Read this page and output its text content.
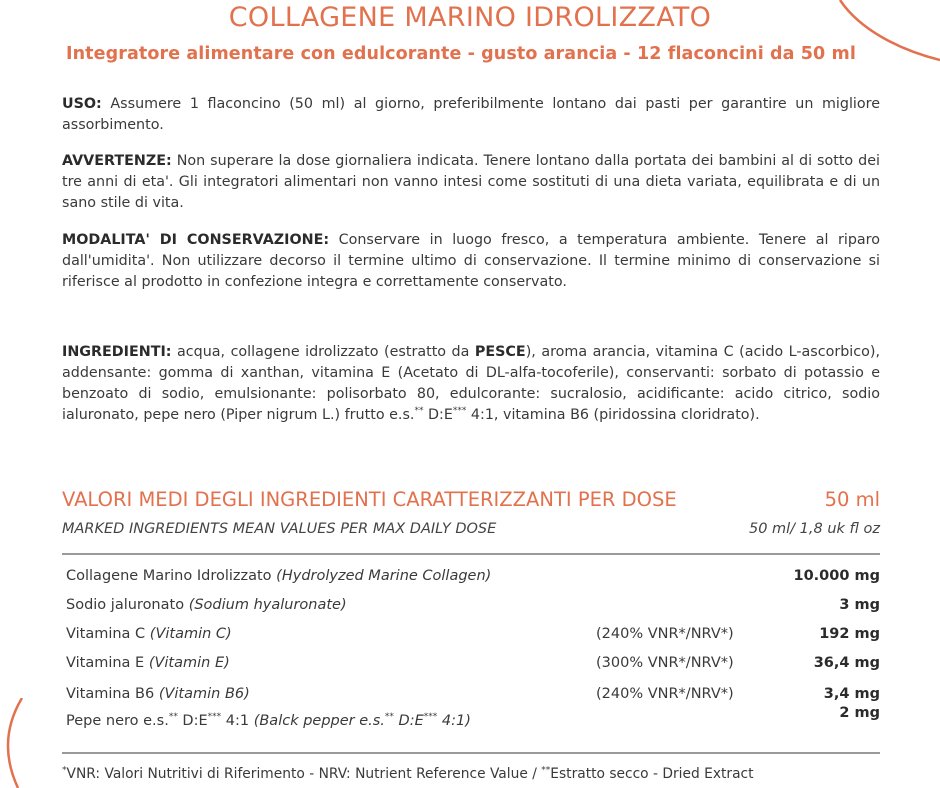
COLLAGENE MARINO IDROLIZZATO
Integratore alimentare con edulcorante - gusto arancia - 12 flaconcini da 50 ml
USO: Assumere 1 flaconcino (50 ml) al giorno, preferibilmente lontano dai pasti per garantire un migliore assorbimento.
AVVERTENZE: Non superare la dose giornaliera indicata. Tenere lontano dalla portata dei bambini al di sotto dei tre anni di eta'. Gli integratori alimentari non vanno intesi come sostituti di una dieta variata, equilibrata e di un sano stile di vita.
MODALITA' DI CONSERVAZIONE: Conservare in luogo fresco, a temperatura ambiente. Tenere al riparo dall'umidita'. Non utilizzare decorso il termine ultimo di conservazione. Il termine minimo di conservazione si riferisce al prodotto in confezione integra e correttamente conservato.
INGREDIENTI: acqua, collagene idrolizzato (estratto da PESCE), aroma arancia, vitamina C (acido L-ascorbico), addensante: gomma di xanthan, vitamina E (Acetato di DL-alfa-tocoferile), conservanti: sorbato di potassio e benzoato di sodio, emulsionante: polisorbato 80, edulcorante: sucralosio, acidificante: acido citrico, sodio ialuronato, pepe nero (Piper nigrum L.) frutto e.s.** D:E*** 4:1, vitamina B6 (piridossina cloridrato).
VALORI MEDI DEGLI INGREDIENTI CARATTERIZZANTI PER DOSE	50 ml
MARKED INGREDIENTS MEAN VALUES PER MAX DAILY DOSE	50 ml/ 1,8 uk fl oz
Collagene Marino Idrolizzato (Hydrolyzed Marine Collagen)	10.000 mg
Sodio jaluronato (Sodium hyaluronate)	3 mg
Vitamina C (Vitamin C)	(240% VNR*/NRV*)	192 mg
Vitamina E (Vitamin E)	(300% VNR*/NRV*)	36,4 mg
Vitamina B6 (Vitamin B6)	(240% VNR*/NRV*)	3,4 mg
Pepe nero e.s.** D:E*** 4:1 (Balck pepper e.s.** D:E*** 4:1)	2 mg
*VNR: Valori Nutritivi di Riferimento - NRV: Nutrient Reference Value / **Estratto secco - Dried Extract
